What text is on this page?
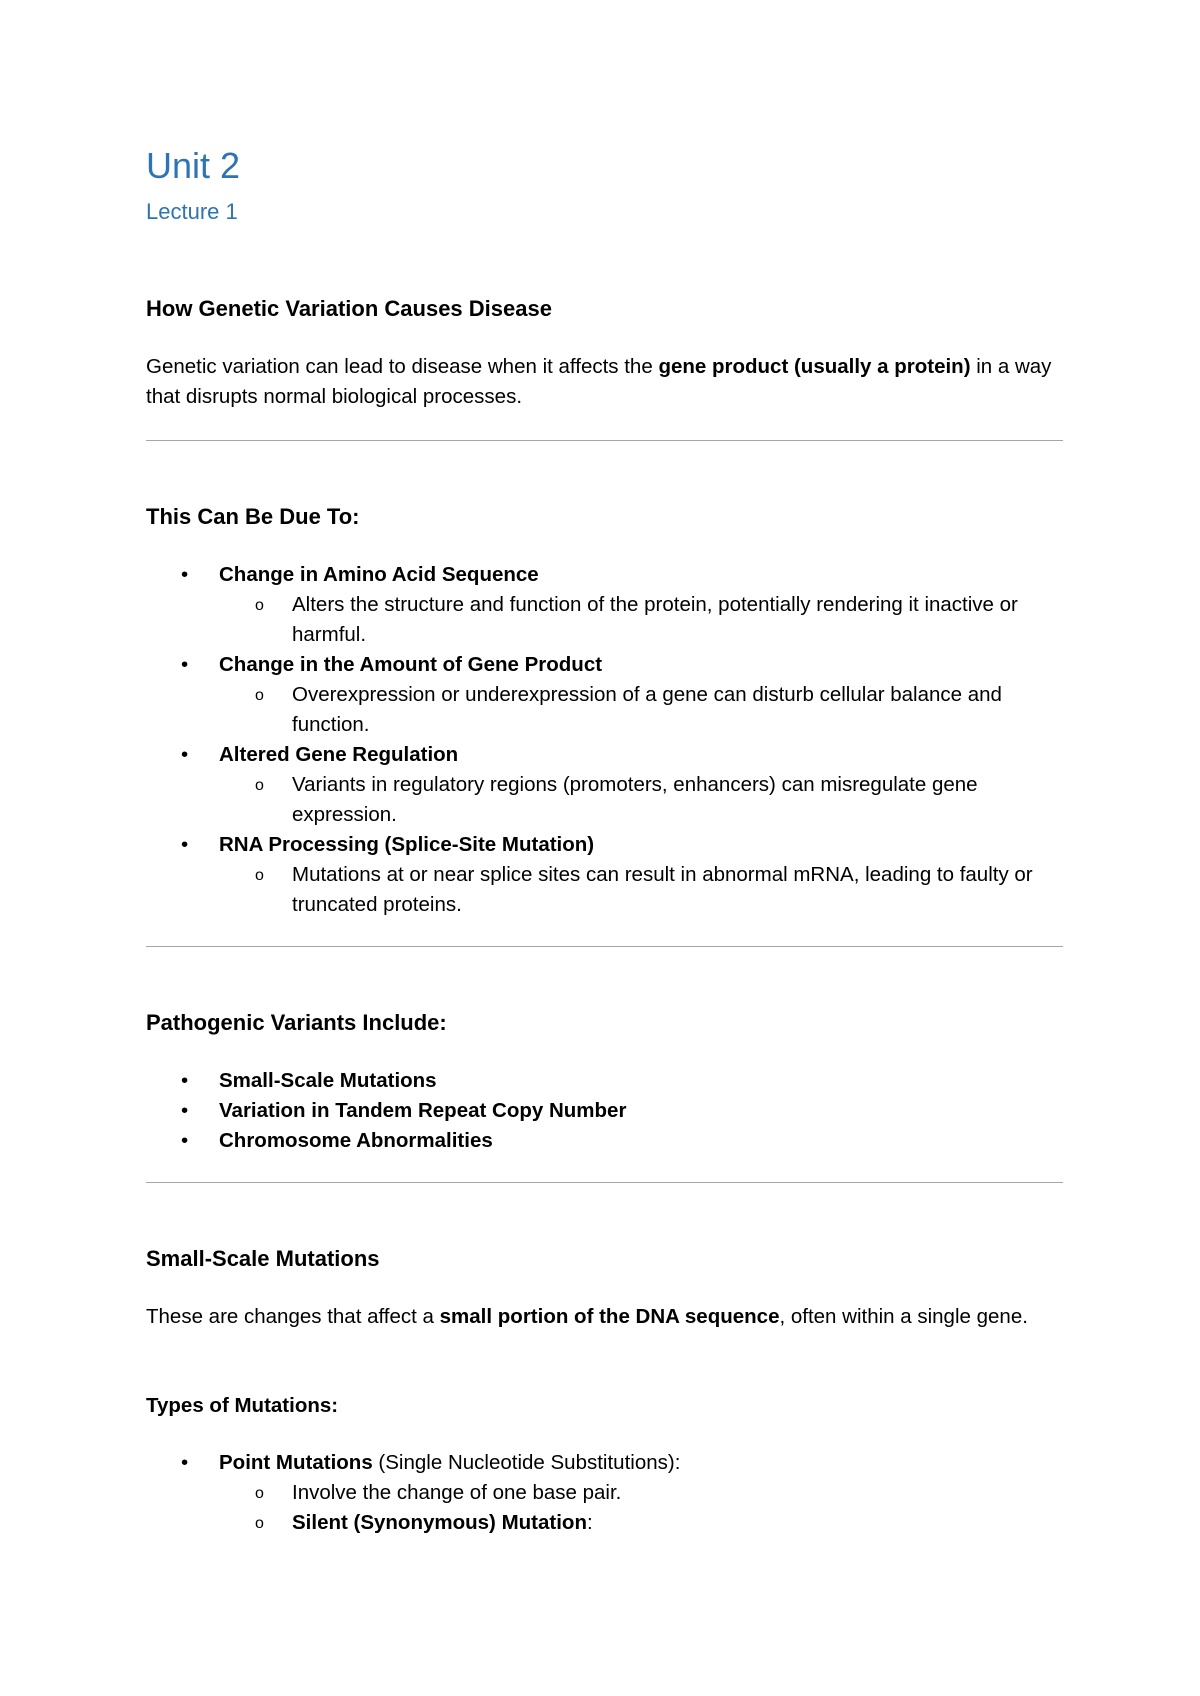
Unit 2
Lecture 1
How Genetic Variation Causes Disease

Genetic variation can lead to disease when it affects the gene product (usually a protein) in a way that disrupts normal biological processes.

This Can Be Due To:
• Change in Amino Acid Sequence
o Alters the structure and function of the protein, potentially rendering it inactive or harmful.
• Change in the Amount of Gene Product
o Overexpression or underexpression of a gene can disturb cellular balance and function.
• Altered Gene Regulation
o Variants in regulatory regions (promoters, enhancers) can misregulate gene expression.
• RNA Processing (Splice-Site Mutation)
o Mutations at or near splice sites can result in abnormal mRNA, leading to faulty or truncated proteins.
Pathogenic Variants Include:
• Small-Scale Mutations
• Variation in Tandem Repeat Copy Number
• Chromosome Abnormalities
Small-Scale Mutations

These are changes that affect a small portion of the DNA sequence, often within a single gene.

Types of Mutations:
• Point Mutations (Single Nucleotide Substitutions):
o Involve the change of one base pair.
o Silent (Synonymous) Mutation:
